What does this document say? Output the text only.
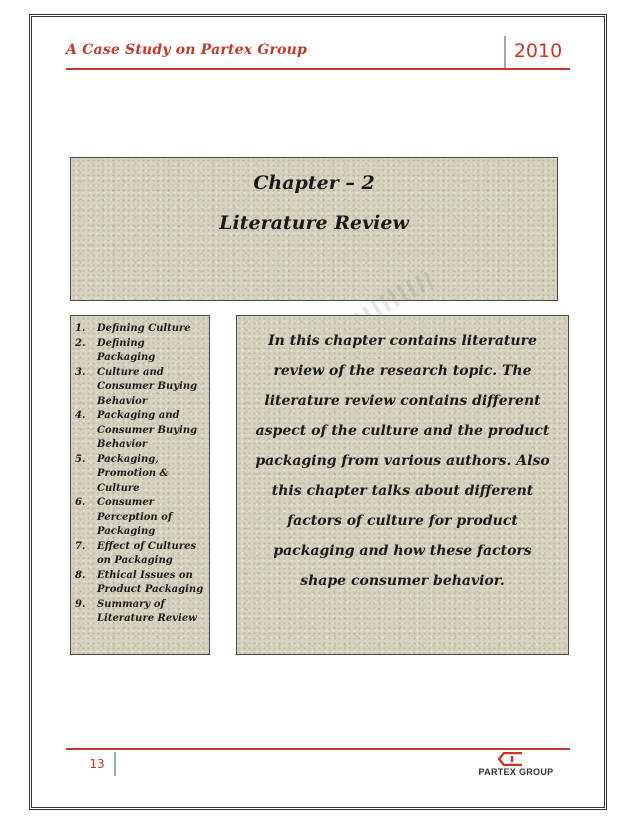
A Case Study on Partex Group	2010
Chapter – 2
Literature Review
1. Defining Culture
2. Defining Packaging
3. Culture and Consumer Buying Behavior
4. Packaging and Consumer Buying Behavior
5. Packaging, Promotion & Culture
6. Consumer Perception of Packaging
7. Effect of Cultures on Packaging
8. Ethical Issues on Product Packaging
9. Summary of Literature Review
In this chapter contains literature review of the research topic. The literature review contains different aspect of the culture and the product packaging from various authors. Also this chapter talks about different factors of culture for product packaging and how these factors shape consumer behavior.
13
PARTEX GROUP
